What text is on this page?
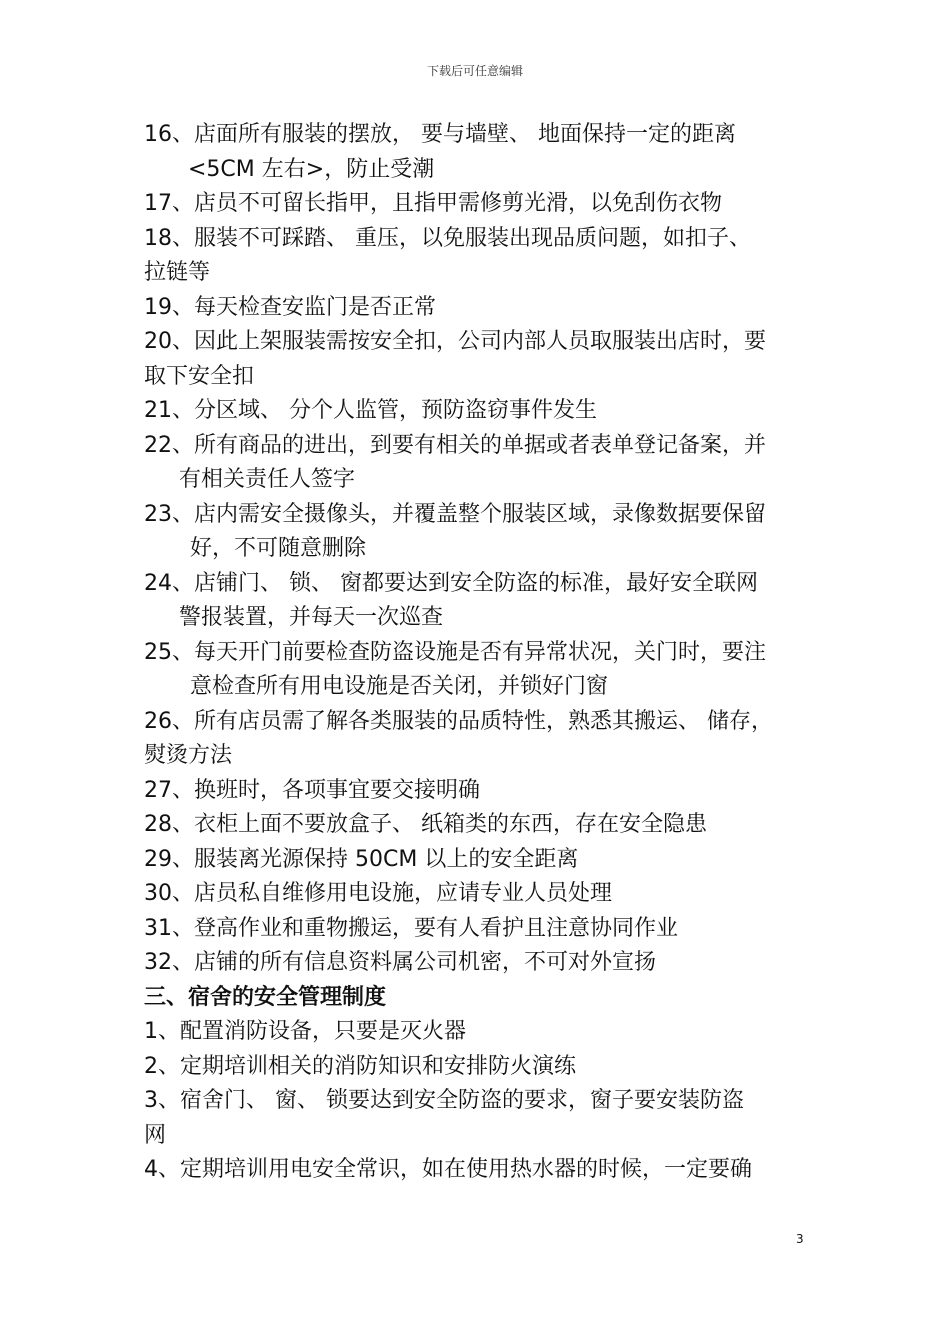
下载后可任意编辑
16、店面所有服装的摆放， 要与墙壁、 地面保持一定的距离
<5CM 左右>，防止受潮
17、店员不可留长指甲，且指甲需修剪光滑，以免刮伤衣物
18、服装不可踩踏、 重压，以免服装出现品质问题，如扣子、
拉链等
19、每天检查安监门是否正常
20、因此上架服装需按安全扣，公司内部人员取服装出店时，要
取下安全扣
21、分区域、 分个人监管，预防盗窃事件发生
22、所有商品的进出，到要有相关的单据或者表单登记备案，并
有相关责任人签字
23、店内需安全摄像头，并覆盖整个服装区域，录像数据要保留
好，不可随意删除
24、店铺门、 锁、 窗都要达到安全防盗的标准，最好安全联网
警报装置，并每天一次巡查
25、每天开门前要检查防盗设施是否有异常状况，关门时，要注
意检查所有用电设施是否关闭，并锁好门窗
26、所有店员需了解各类服装的品质特性，熟悉其搬运、 储存，
熨烫方法
27、换班时，各项事宜要交接明确
28、衣柜上面不要放盒子、 纸箱类的东西，存在安全隐患
29、服装离光源保持 50CM 以上的安全距离
30、店员私自维修用电设施，应请专业人员处理
31、登高作业和重物搬运，要有人看护且注意协同作业
32、店铺的所有信息资料属公司机密，不可对外宣扬
三、宿舍的安全管理制度
1、配置消防设备，只要是灭火器
2、定期培训相关的消防知识和安排防火演练
3、宿舍门、 窗、 锁要达到安全防盗的要求，窗子要安装防盗
网
4、定期培训用电安全常识，如在使用热水器的时候，一定要确
3
